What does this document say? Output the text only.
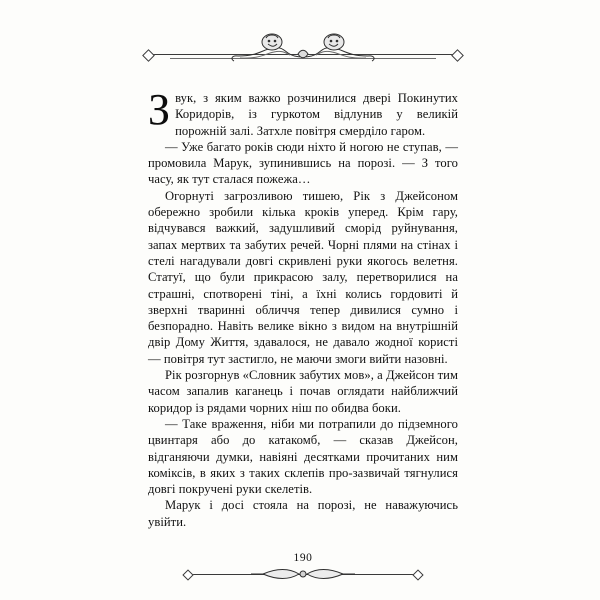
Звук, з яким важко розчинилися двері Покинутих Коридорів, із гуркотом відлунив у великій порожній залі. Затхле повітря смерділо гаром.

— Уже багато років сюди ніхто й ногою не ступав, — промовила Марук, зупинившись на порозі. — З того часу, як тут сталася пожежа…

Огорнуті загрозливою тишею, Рік з Джейсоном обережно зробили кілька кроків уперед. Крім гару, відчувався важкий, задушливий сморід руйнування, запах мертвих та забутих речей. Чорні плями на стінах і стелі нагадували довгі скривлені руки якогось велетня. Статуї, що були прикрасою залу, перетворилися на страшні, спотворені тіні, а їхні колись гордовиті й зверхні тваринні обличчя тепер дивилися сумно і безпорадно. Навіть велике вікно з видом на внутрішній двір Дому Життя, здавалося, не давало жодної користі — повітря тут застигло, не маючи змоги вийти назовні.

Рік розгорнув «Словник забутих мов», а Джейсон тим часом запалив каганець і почав оглядати найближчий коридор із рядами чорних ніш по обидва боки.

— Таке враження, ніби ми потрапили до підземного цвинтаря або до катакомб, — сказав Джейсон, відганяючи думки, навіяні десятками прочитаних ним коміксів, в яких з таких склепів про-зазвичай тягнулися довгі покручені руки скелетів.

Марук і досі стояла на порозі, не наважуючись увійти.

190
